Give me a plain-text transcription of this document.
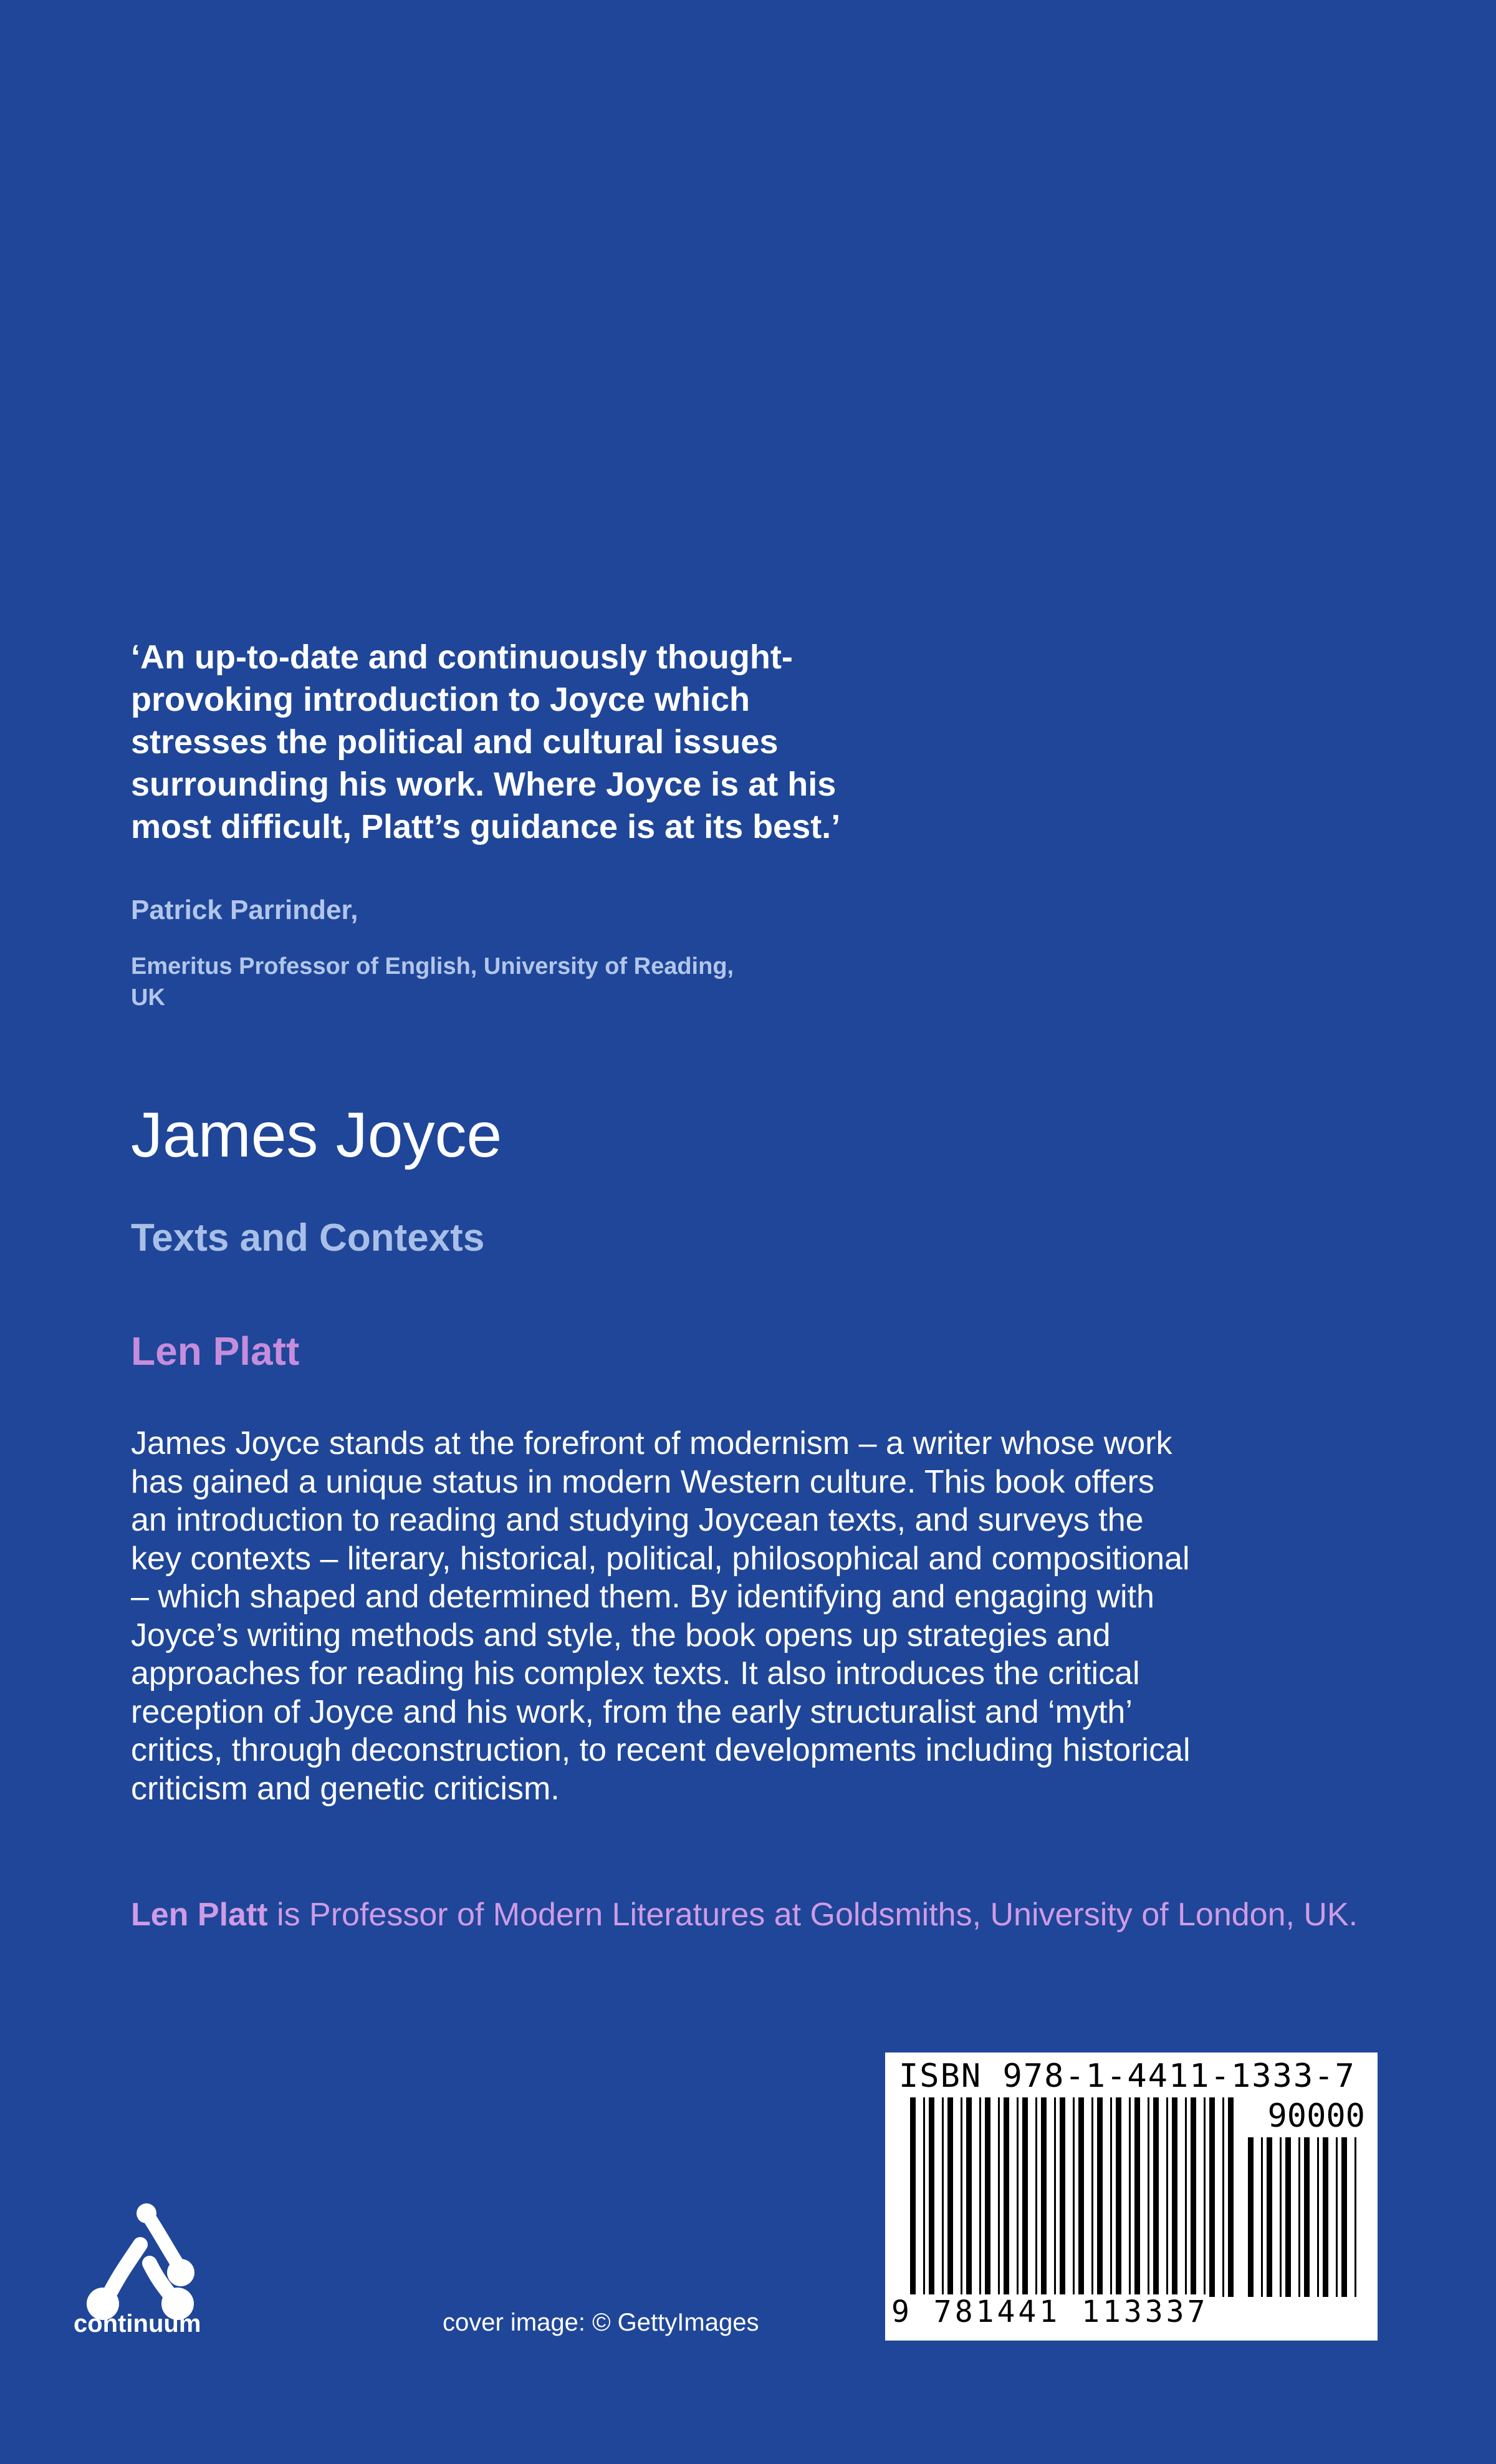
‘An up-to-date and continuously thought-provoking introduction to Joyce which stresses the political and cultural issues surrounding his work. Where Joyce is at his most difficult, Platt’s guidance is at its best.’

Patrick Parrinder,

Emeritus Professor of English, University of Reading, UK

James Joyce
Texts and Contexts
Len Platt

James Joyce stands at the forefront of modernism – a writer whose work
has gained a unique status in modern Western culture. This book offers
an introduction to reading and studying Joycean texts, and surveys the
key contexts – literary, historical, political, philosophical and compositional
– which shaped and determined them. By identifying and engaging with
Joyce’s writing methods and style, the book opens up strategies and
approaches for reading his complex texts. It also introduces the critical
reception of Joyce and his work, from the early structuralist and ‘myth’
critics, through deconstruction, to recent developments including historical
criticism and genetic criticism.

Len Platt is Professor of Modern Literatures at Goldsmiths, University of London, UK.

ISBN 978-1-4411-1333-7

90000

9 781441 113337

continuum	cover image: © GettyImages
